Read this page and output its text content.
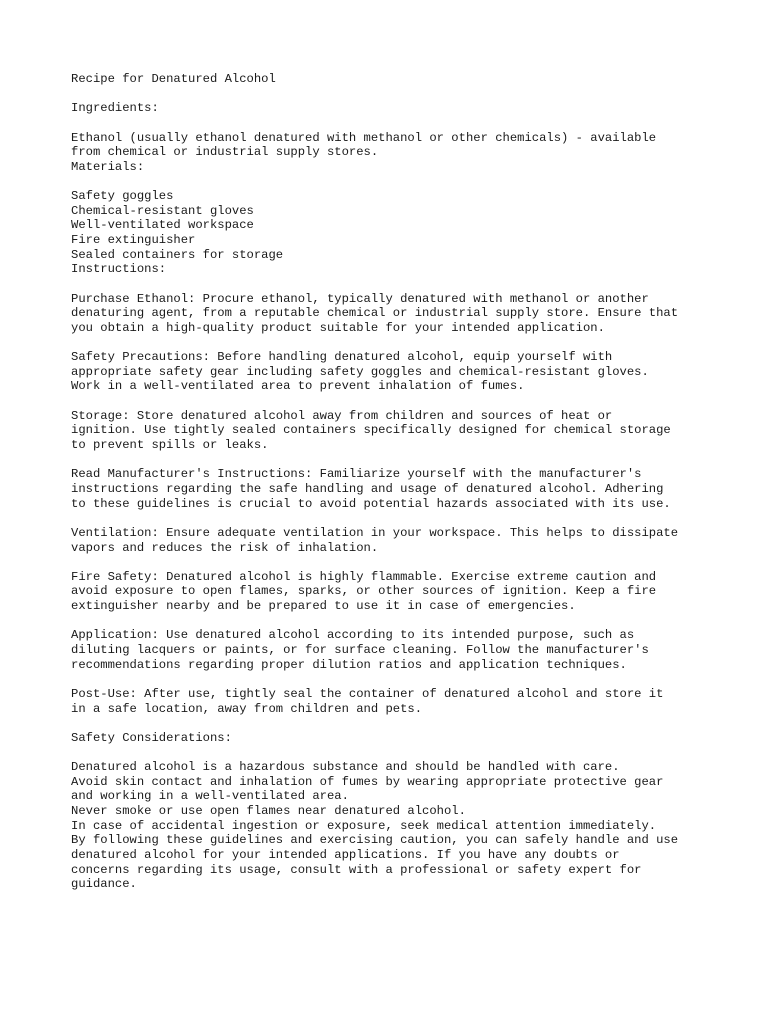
Recipe for Denatured Alcohol
Ingredients:
Ethanol (usually ethanol denatured with methanol or other chemicals) - available
from chemical or industrial supply stores.
Materials:
Safety goggles
Chemical-resistant gloves
Well-ventilated workspace
Fire extinguisher
Sealed containers for storage
Instructions:
Purchase Ethanol: Procure ethanol, typically denatured with methanol or another
denaturing agent, from a reputable chemical or industrial supply store. Ensure that
you obtain a high-quality product suitable for your intended application.
Safety Precautions: Before handling denatured alcohol, equip yourself with
appropriate safety gear including safety goggles and chemical-resistant gloves.
Work in a well-ventilated area to prevent inhalation of fumes.
Storage: Store denatured alcohol away from children and sources of heat or
ignition. Use tightly sealed containers specifically designed for chemical storage
to prevent spills or leaks.
Read Manufacturer's Instructions: Familiarize yourself with the manufacturer's
instructions regarding the safe handling and usage of denatured alcohol. Adhering
to these guidelines is crucial to avoid potential hazards associated with its use.
Ventilation: Ensure adequate ventilation in your workspace. This helps to dissipate
vapors and reduces the risk of inhalation.
Fire Safety: Denatured alcohol is highly flammable. Exercise extreme caution and
avoid exposure to open flames, sparks, or other sources of ignition. Keep a fire
extinguisher nearby and be prepared to use it in case of emergencies.
Application: Use denatured alcohol according to its intended purpose, such as
diluting lacquers or paints, or for surface cleaning. Follow the manufacturer's
recommendations regarding proper dilution ratios and application techniques.
Post-Use: After use, tightly seal the container of denatured alcohol and store it
in a safe location, away from children and pets.
Safety Considerations:
Denatured alcohol is a hazardous substance and should be handled with care.
Avoid skin contact and inhalation of fumes by wearing appropriate protective gear
and working in a well-ventilated area.
Never smoke or use open flames near denatured alcohol.
In case of accidental ingestion or exposure, seek medical attention immediately.
By following these guidelines and exercising caution, you can safely handle and use
denatured alcohol for your intended applications. If you have any doubts or
concerns regarding its usage, consult with a professional or safety expert for
guidance.
